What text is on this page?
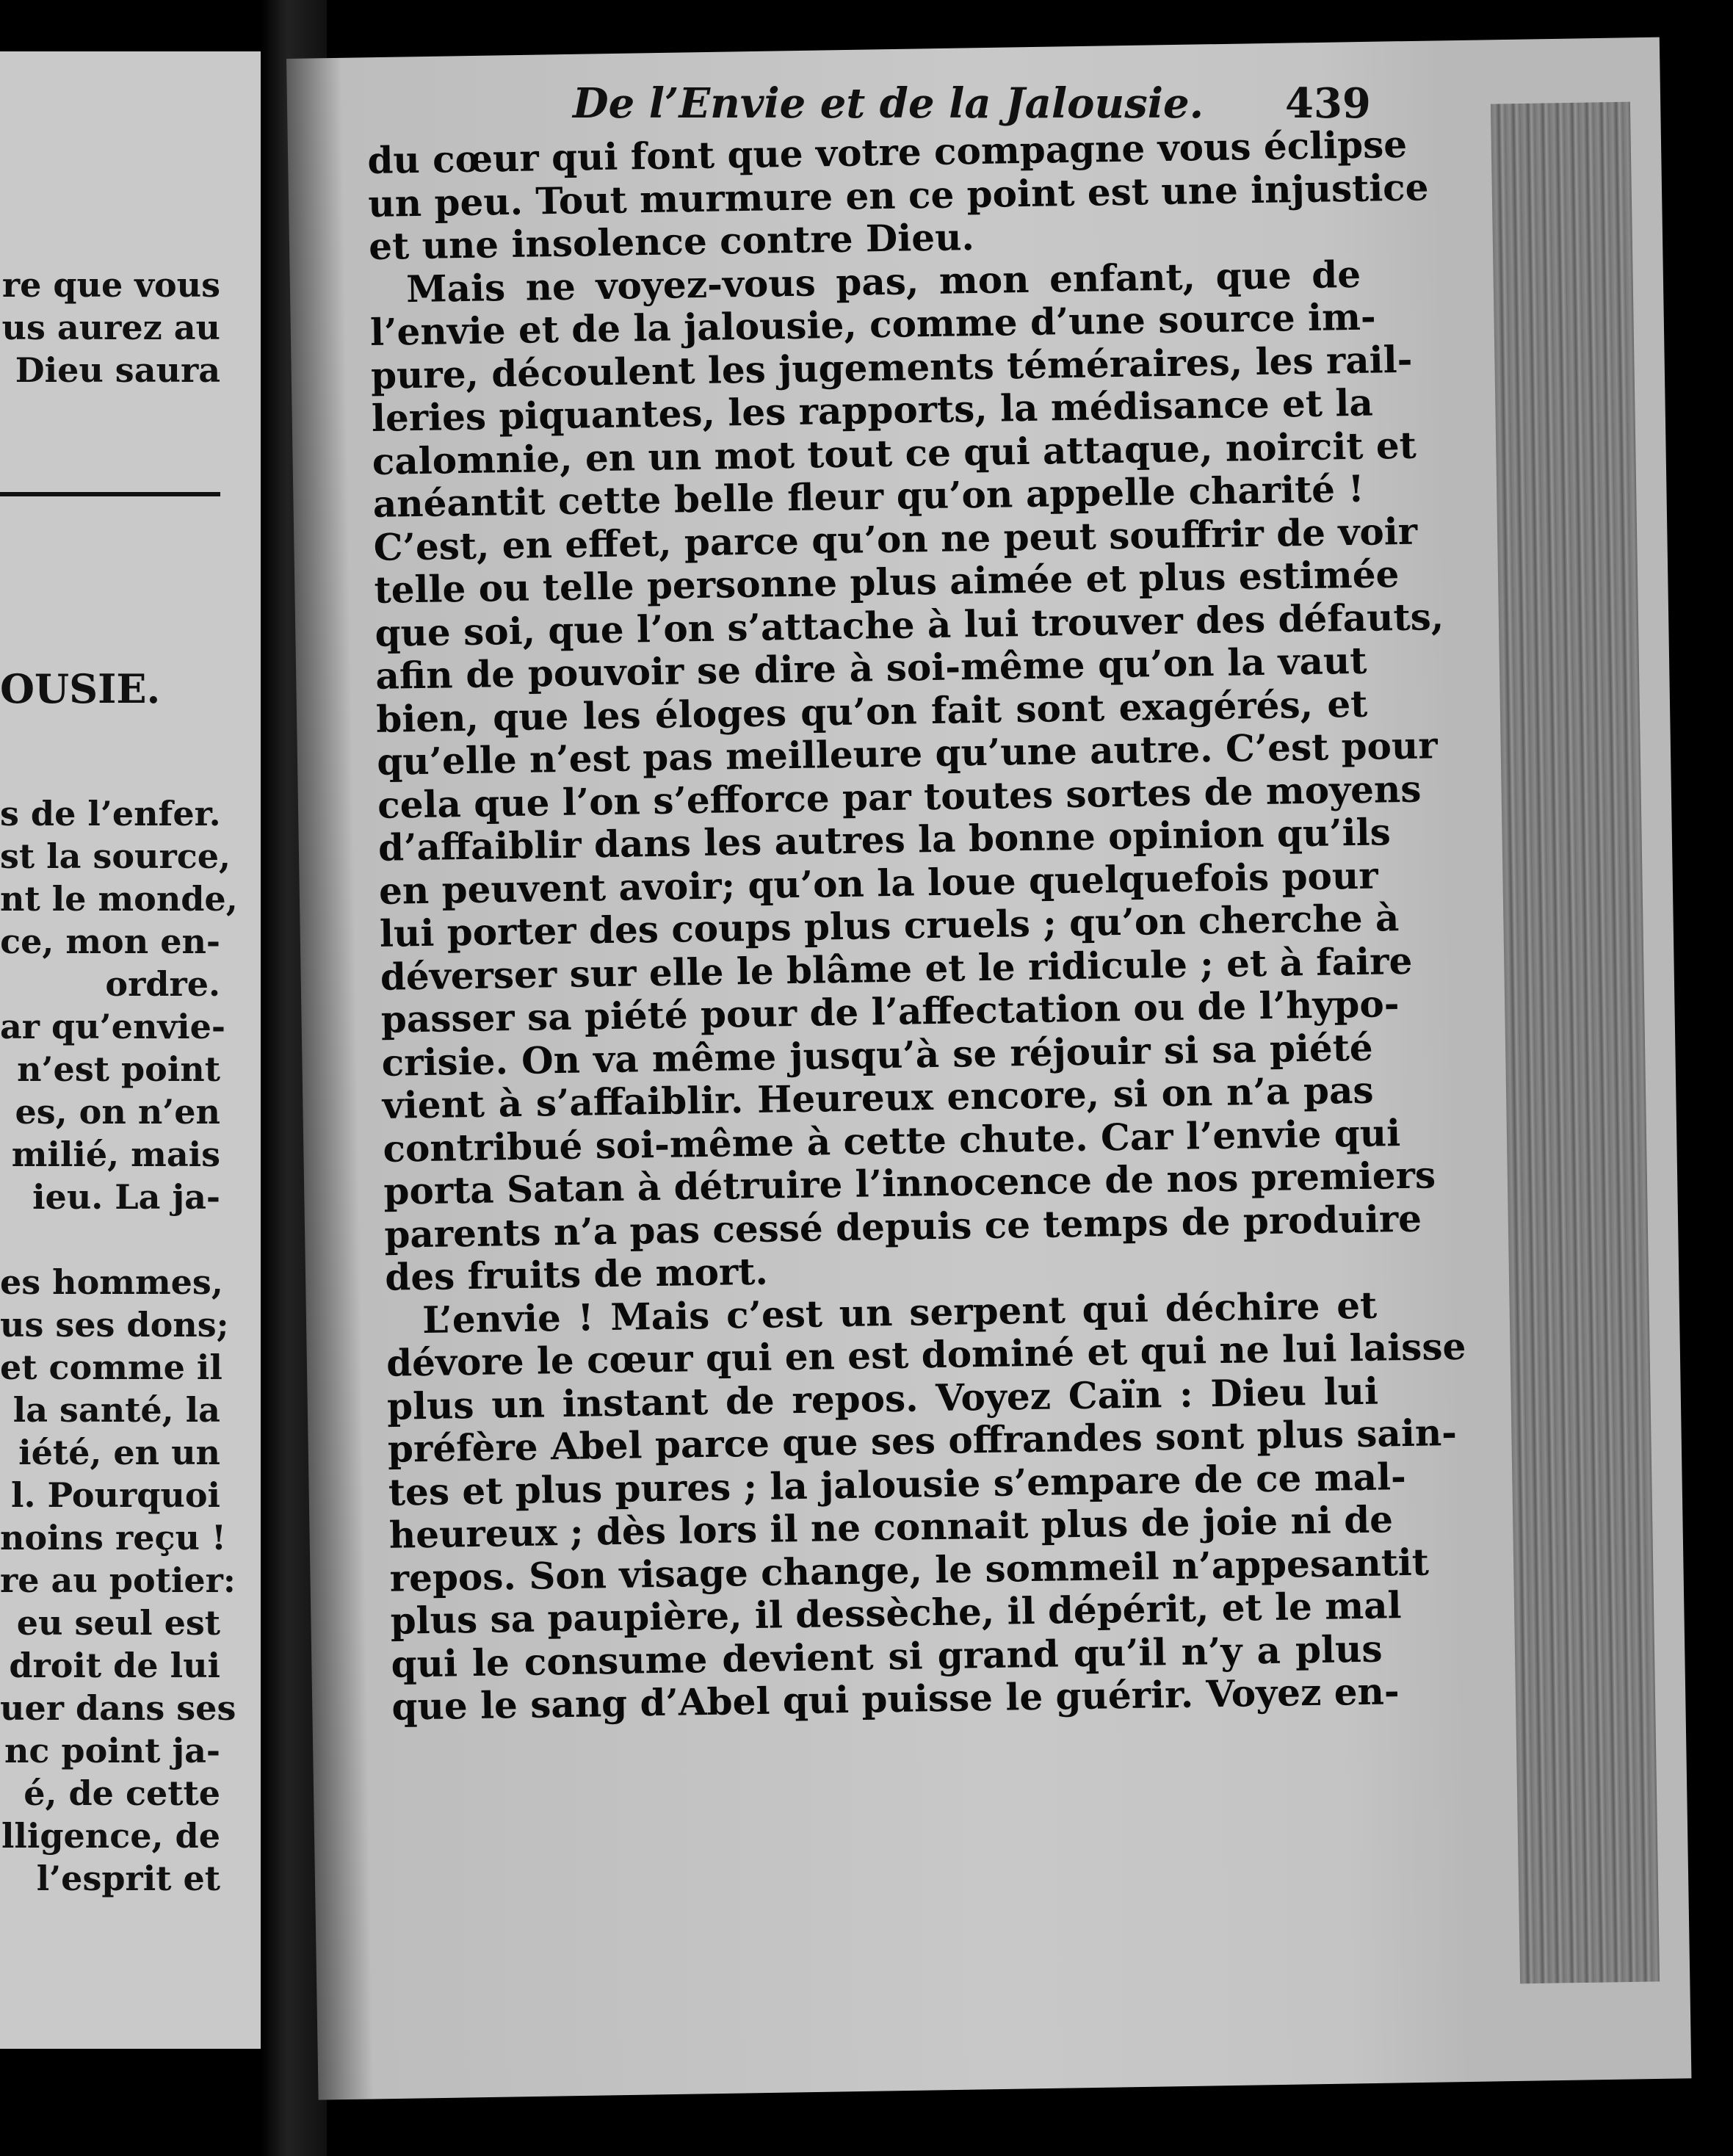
re que vous
us aurez au
Dieu saura
OUSIE.
s de l’enfer.
st la source,
nt le monde,
ce, mon en-
ordre.
ar qu’envie-
n’est point
es, on n’en
milié, mais
ieu. La ja-
es hommes,
us ses dons;
et comme il
la santé, la
iété, en un
l. Pourquoi
noins reçu !
re au potier:
eu seul est
droit de lui
uer dans ses
nc point ja-
é, de cette
lligence, de
l’esprit et
De l’Envie et de la Jalousie. 439
du cœur qui font que votre compagne vous éclipse
un peu. Tout murmure en ce point est une injustice
et une insolence contre Dieu.
Mais ne voyez-vous pas, mon enfant, que de
l’envie et de la jalousie, comme d’une source im-
pure, découlent les jugements téméraires, les rail-
leries piquantes, les rapports, la médisance et la
calomnie, en un mot tout ce qui attaque, noircit et
anéantit cette belle fleur qu’on appelle charité !
C’est, en effet, parce qu’on ne peut souffrir de voir
telle ou telle personne plus aimée et plus estimée
que soi, que l’on s’attache à lui trouver des défauts,
afin de pouvoir se dire à soi-même qu’on la vaut
bien, que les éloges qu’on fait sont exagérés, et
qu’elle n’est pas meilleure qu’une autre. C’est pour
cela que l’on s’efforce par toutes sortes de moyens
d’affaiblir dans les autres la bonne opinion qu’ils
en peuvent avoir; qu’on la loue quelquefois pour
lui porter des coups plus cruels ; qu’on cherche à
déverser sur elle le blâme et le ridicule ; et à faire
passer sa piété pour de l’affectation ou de l’hypo-
crisie. On va même jusqu’à se réjouir si sa piété
vient à s’affaiblir. Heureux encore, si on n’a pas
contribué soi-même à cette chute. Car l’envie qui
porta Satan à détruire l’innocence de nos premiers
parents n’a pas cessé depuis ce temps de produire
des fruits de mort.
L’envie ! Mais c’est un serpent qui déchire et
dévore le cœur qui en est dominé et qui ne lui laisse
plus un instant de repos. Voyez Caïn : Dieu lui
préfère Abel parce que ses offrandes sont plus sain-
tes et plus pures ; la jalousie s’empare de ce mal-
heureux ; dès lors il ne connait plus de joie ni de
repos. Son visage change, le sommeil n’appesantit
plus sa paupière, il dessèche, il dépérit, et le mal
qui le consume devient si grand qu’il n’y a plus
que le sang d’Abel qui puisse le guérir. Voyez en-
